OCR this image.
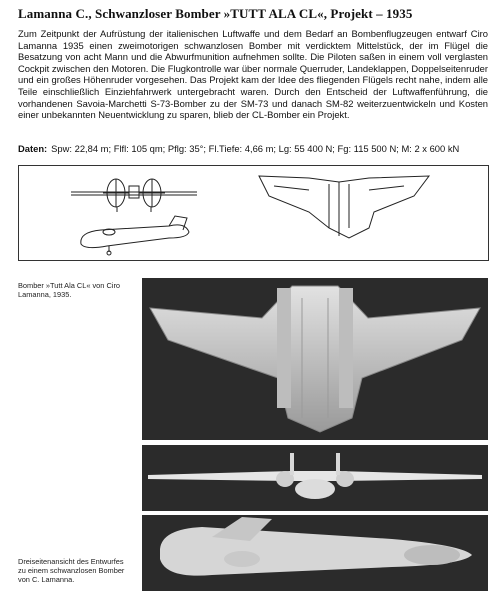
Lamanna C., Schwanzloser Bomber »TUTT ALA CL«, Projekt – 1935
Zum Zeitpunkt der Aufrüstung der italienischen Luftwaffe und dem Bedarf an Bombenflugzeugen entwarf Ciro Lamanna 1935 einen zweimotorigen schwanzlosen Bomber mit verdicktem Mittelstück, der im Flügel die Besatzung von acht Mann und die Abwurfmunition aufnehmen sollte. Die Piloten saßen in einem voll verglasten Cockpit zwischen den Motoren. Die Flugkontrolle war über normale Querruder, Landeklappen, Doppelseitenruder und ein großes Höhenruder vorgesehen. Das Projekt kam der Idee des fliegenden Flügels recht nahe, indem alle Teile einschließlich Einziehfahrwerk untergebracht waren. Durch den Entscheid der Luftwaffenführung, die vorhandenen Savoia-Marchetti S-73-Bomber zu der SM-73 und danach SM-82 weiterzuentwickeln und Kosten einer unbekannten Neuentwicklung zu sparen, blieb der CL-Bomber ein Projekt.
Daten: Spw: 22,84 m; Flfl: 105 qm; Pflg: 35°; Fl.Tiefe: 4,66 m; Lg: 55 400 N; Fg: 115 500 N; M: 2 x 600 kN
Bomber »Tutt Ala CL« von Ciro Lamanna, 1935.
Dreiseitenansicht des Entwurfes zu einem schwanzlosen Bomber von C. Lamanna.
